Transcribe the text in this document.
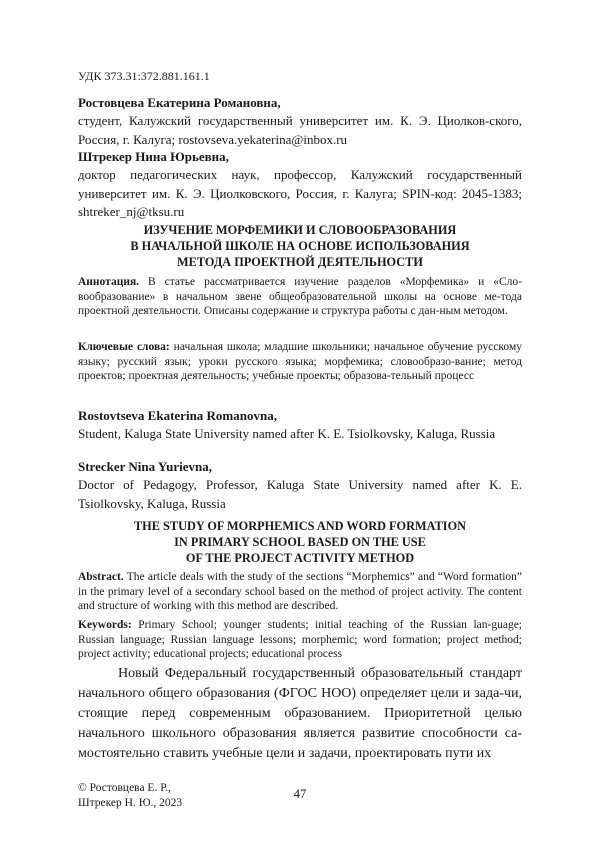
УДК 373.31:372.881.161.1
Ростовцева Екатерина Романовна,

студент, Калужский государственный университет им. К. Э. Циолков-ского, Россия, г. Калуга; rostovseva.yekaterina@inbox.ru

Штрекер Нина Юрьевна,

доктор педагогических наук, профессор, Калужский государственный университет им. К. Э. Циолковского, Россия, г. Калуга; SPIN-код: 2045-1383; shtreker_nj@tksu.ru

ИЗУЧЕНИЕ МОРФЕМИКИ И СЛОВООБРАЗОВАНИЯ
В НАЧАЛЬНОЙ ШКОЛЕ НА ОСНОВЕ ИСПОЛЬЗОВАНИЯ
МЕТОДА ПРОЕКТНОЙ ДЕЯТЕЛЬНОСТИ

Аннотация. В статье рассматривается изучение разделов «Морфемика» и «Сло-вообразование» в начальном звене общеобразовательной школы на основе ме-тода проектной деятельности. Описаны содержание и структура работы с дан-ным методом.

Ключевые слова: начальная школа; младшие школьники; начальное обучение русскому языку; русский язык; уроки русского языка; морфемика; словообразо-вание; метод проектов; проектная деятельность; учебные проекты; образова-тельный процесс

Rostovtseva Ekaterina Romanovna,

Student, Kaluga State University named after K. E. Tsiolkovsky, Kaluga, Russia

Strecker Nina Yurievna,

Doctor of Pedagogy, Professor, Kaluga State University named after K. E. Tsiolkovsky, Kaluga, Russia

THE STUDY OF MORPHEMICS AND WORD FORMATION
IN PRIMARY SCHOOL BASED ON THE USE
OF THE PROJECT ACTIVITY METHOD

Abstract. The article deals with the study of the sections “Morphemics” and “Word formation” in the primary level of a secondary school based on the method of project activity. The content and structure of working with this method are described.

Keywords: Primary School; younger students; initial teaching of the Russian lan-guage; Russian language; Russian language lessons; morphemic; word formation; project method; project activity; educational projects; educational process

Новый Федеральный государственный образовательный стандарт начального общего образования (ФГОС НОО) определяет цели и зада-чи, стоящие перед современным образованием. Приоритетной целью начального школьного образования является развитие способности са-мостоятельно ставить учебные цели и задачи, проектировать пути их

© Ростовцева Е. Р.,
Штрекер Н. Ю., 2023
47
